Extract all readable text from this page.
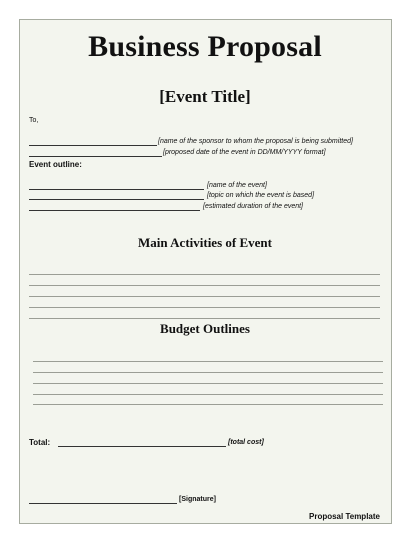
Business Proposal
[Event Title]
To,
[name of the sponsor to whom the proposal is being submitted]
[proposed date of the event in DD/MM/YYYY format]
Event outline:
[name of the event]
[topic on which the event is based]
[estimated duration of the event]
Main Activities of Event
Budget Outlines
Total:	[total cost]
[Signature]
Proposal Template
